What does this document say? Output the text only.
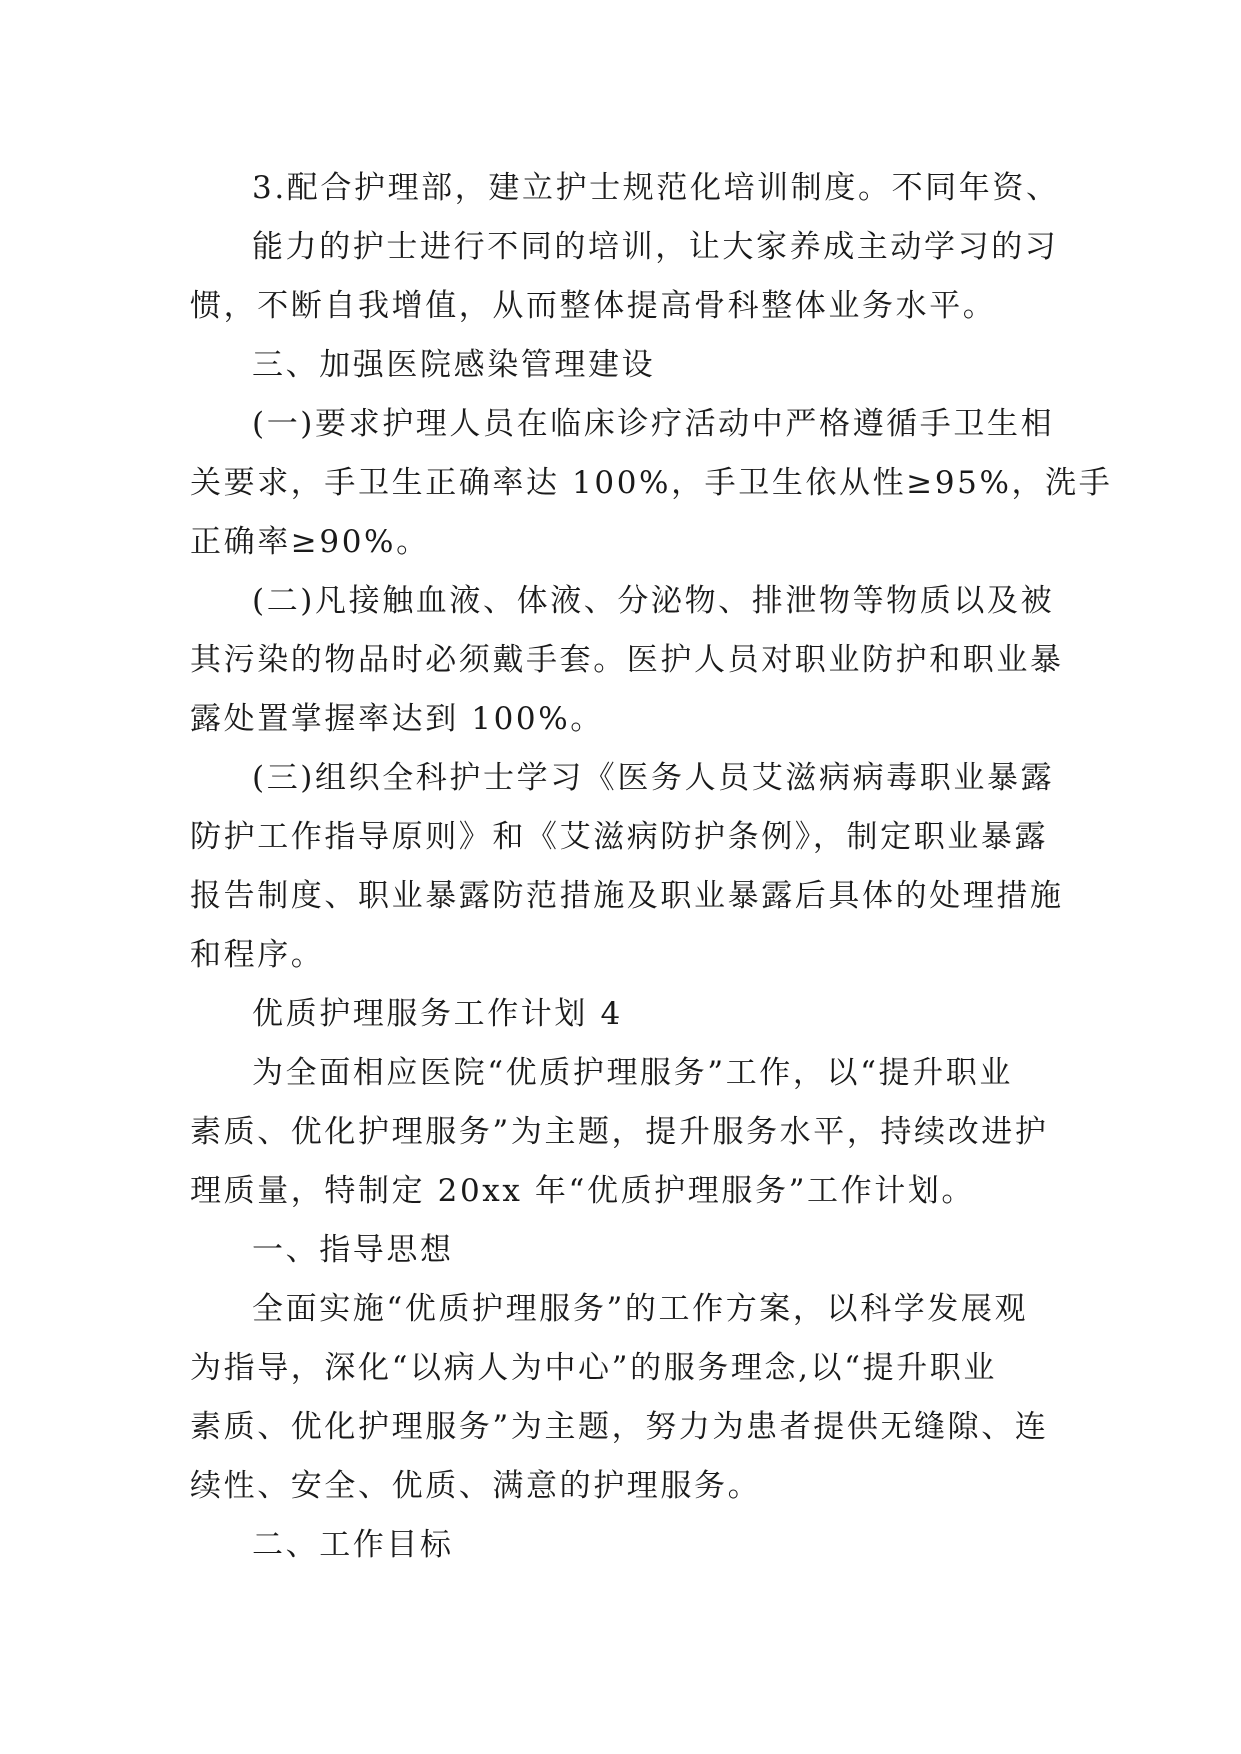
3.配合护理部，建立护士规范化培训制度。不同年资、

能力的护士进行不同的培训，让大家养成主动学习的习

惯，不断自我增值，从而整体提高骨科整体业务水平。

三、加强医院感染管理建设

(一)要求护理人员在临床诊疗活动中严格遵循手卫生相

关要求，手卫生正确率达 100%，手卫生依从性≥95%，洗手

正确率≥90%。

(二)凡接触血液、体液、分泌物、排泄物等物质以及被

其污染的物品时必须戴手套。医护人员对职业防护和职业暴

露处置掌握率达到 100%。

(三)组织全科护士学习《医务人员艾滋病病毒职业暴露

防护工作指导原则》和《艾滋病防护条例》，制定职业暴露

报告制度、职业暴露防范措施及职业暴露后具体的处理措施

和程序。

优质护理服务工作计划 4

为全面相应医院“优质护理服务”工作，以“提升职业

素质、优化护理服务”为主题，提升服务水平，持续改进护

理质量，特制定 20xx 年“优质护理服务”工作计划。

一、指导思想

全面实施“优质护理服务”的工作方案，以科学发展观

为指导，深化“以病人为中心”的服务理念,以“提升职业

素质、优化护理服务”为主题，努力为患者提供无缝隙、连

续性、安全、优质、满意的护理服务。

二、工作目标
